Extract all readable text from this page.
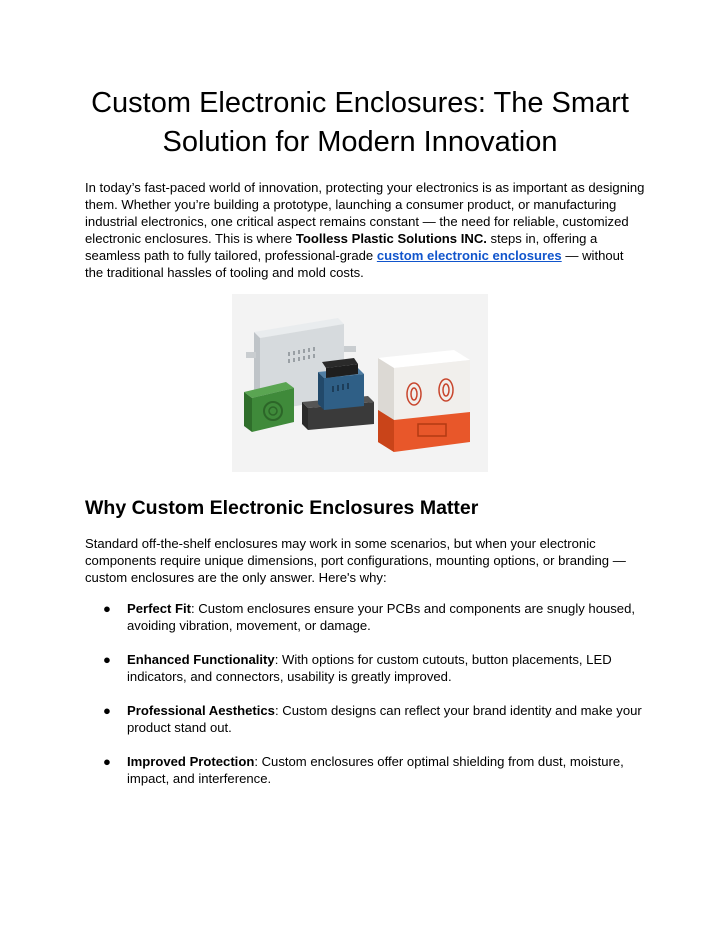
Custom Electronic Enclosures: The Smart Solution for Modern Innovation

In today’s fast-paced world of innovation, protecting your electronics is as important as designing them. Whether you’re building a prototype, launching a consumer product, or manufacturing industrial electronics, one critical aspect remains constant — the need for reliable, customized electronic enclosures. This is where Toolless Plastic Solutions INC. steps in, offering a seamless path to fully tailored, professional-grade custom electronic enclosures — without the traditional hassles of tooling and mold costs.

Why Custom Electronic Enclosures Matter

Standard off-the-shelf enclosures may work in some scenarios, but when your electronic components require unique dimensions, port configurations, mounting options, or branding — custom enclosures are the only answer. Here's why:

● Perfect Fit: Custom enclosures ensure your PCBs and components are snugly housed, avoiding vibration, movement, or damage.
● Enhanced Functionality: With options for custom cutouts, button placements, LED indicators, and connectors, usability is greatly improved.
● Professional Aesthetics: Custom designs can reflect your brand identity and make your product stand out.
● Improved Protection: Custom enclosures offer optimal shielding from dust, moisture, impact, and interference.
